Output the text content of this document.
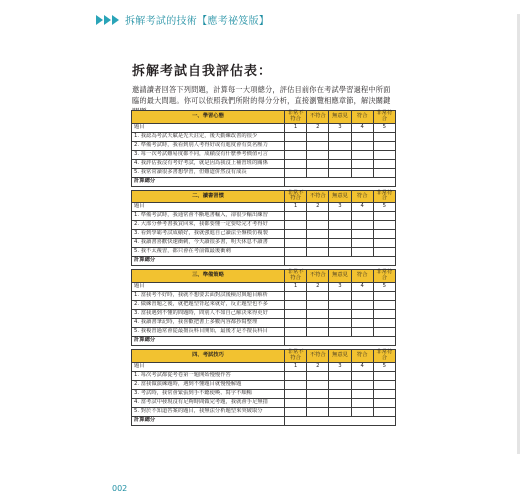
拆解考試的技術【應考祕笈版】
拆解考試自我評估表：
邀請讀者回答下列問題，計算每一大項總分，評估目前你在考試學習過程中所面臨的最大問題。你可以依照我們所附的得分分析，直接瀏覽相應章節，解決關鍵
一、學習心態	非常不符合	不符合	無意見	符合	非常符合
題目	1	2	3	4	5
1. 我認為考試天賦是先天註定，後天勤練改善的很少					
2. 準備考試時，我看到別人考得好或有進度會有莫名壓力					
3. 每一次考試難易度都不同，成績沒有什麼參考價值可言					
4. 我評估我沒有考好考試，就是因為我沒上補習班的關係					
5. 我常常讀很多書想學習，但難道併然沒有成長					
計算總分					
二、讀書習慣	非常不符合	不符合	無意見	符合	非常符合
題目	1	2	3	4	5
1. 準備考試時，我通常會不斷地書輸入，卻很少輸出練習					
2. 大部分參考書我買回來，我都要懂一定要唸完才考得好					
3. 看到學霸考試成績好，我就強進自己讀法全盤模仿複製					
4. 我讀書喜歡快速衝刺，今天讀很多書，明天休息不讀書					
5. 我不太複習，都只會在考前做最後衝刺					
計算總分					
三、準備策略	非常不符合	不符合	無意見	符合	非常符合
題目	1	2	3	4	5
1. 當我考不好時，我就不想要去面對試後檢討與題目解析					
2. 做練習題之後，就把題型背起來就好，反正題型也不多					
3. 當我遇到不懂的問題時，問別人不如自己解決來得更好					
4. 我讀書筆記時，我喜歡把書上多數內容都抄寫整理					
5. 我複習過常會從最擅長科目開始，最後才是不擅長科目					
計算總分					
四、考試技巧	非常不符合	不符合	無意見	符合	非常符合
題目	1	2	3	4	5
1. 每次考試都從考卷第一題開始慢慢作答					
2. 當我做演練題時，遇到不懂題目就慢慢解題					
3. 考試時，我常會緊張到手不聽使喚、寫字不順暢					
4. 當考試中發現沒有足夠時間做完考題，我就會手足無措					
5. 對於不知道答案的題目，我無法分析題型來突破取分					
計算總分					
002
